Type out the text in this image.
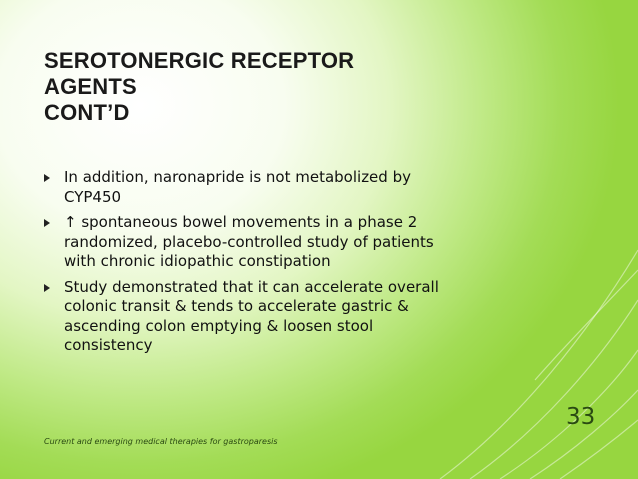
SEROTONERGIC RECEPTOR
AGENTS
CONT’D
In addition, naronapride is not metabolized by
CYP450
↑ spontaneous bowel movements in a phase 2
randomized, placebo-controlled study of patients
with chronic idiopathic constipation
Study demonstrated that it can accelerate overall
colonic transit & tends to accelerate gastric &
ascending colon emptying & loosen stool
consistency
Current and emerging medical therapies for gastroparesis
33
